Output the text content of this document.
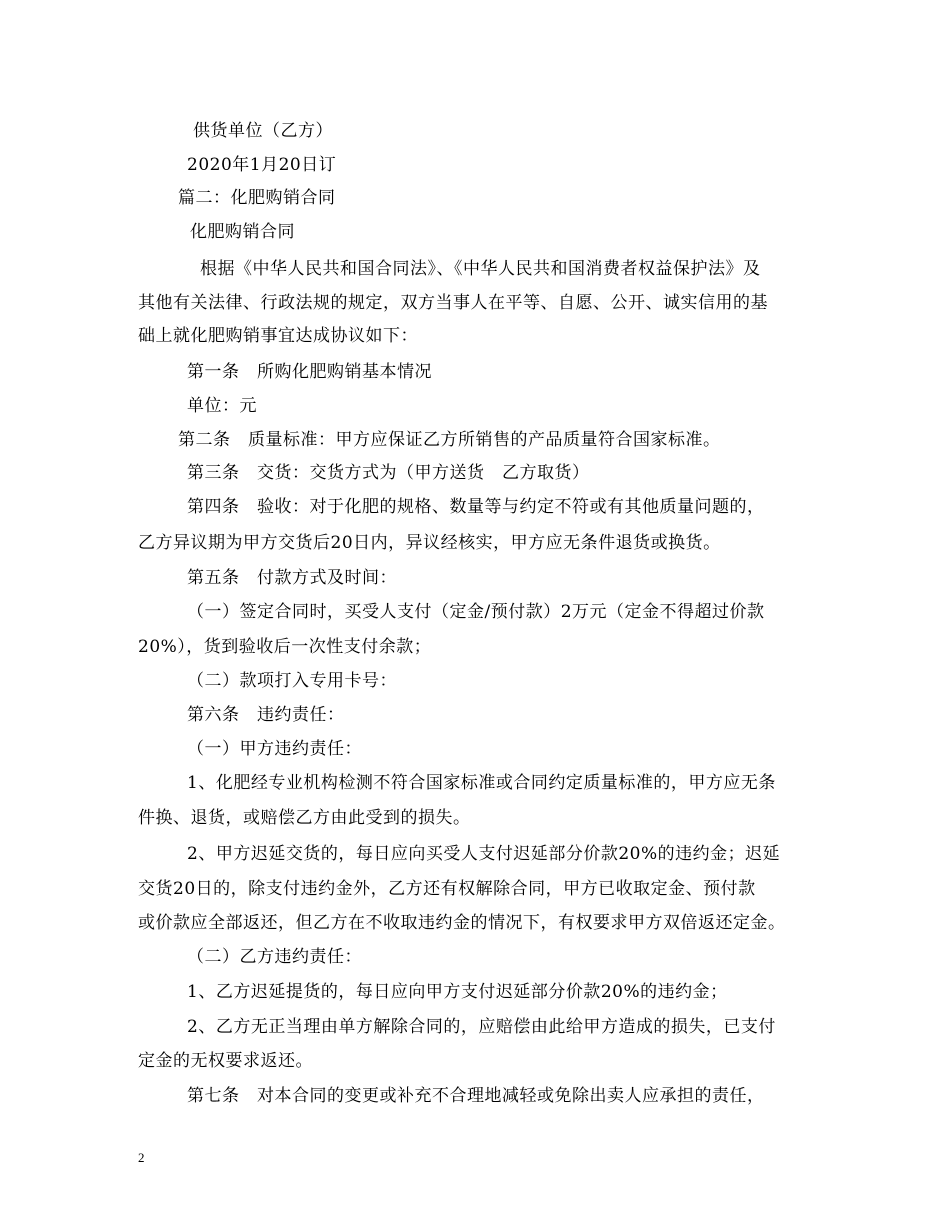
供货单位（乙方）
2020年1月20日订
篇二：化肥购销合同
化肥购销合同
根据《中华人民共和国合同法》、《中华人民共和国消费者权益保护法》及
其他有关法律、行政法规的规定，双方当事人在平等、自愿、公开、诚实信用的基
础上就化肥购销事宜达成协议如下：
第一条　所购化肥购销基本情况
单位：元
第二条　质量标准：甲方应保证乙方所销售的产品质量符合国家标准。
第三条　交货：交货方式为（甲方送货　乙方取货）
第四条　验收：对于化肥的规格、数量等与约定不符或有其他质量问题的，
乙方异议期为甲方交货后20日内，异议经核实，甲方应无条件退货或换货。
第五条　付款方式及时间：
（一）签定合同时，买受人支付（定金/预付款）2万元（定金不得超过价款
20%），货到验收后一次性支付余款；
（二）款项打入专用卡号：
第六条　违约责任：
（一）甲方违约责任：
1、化肥经专业机构检测不符合国家标准或合同约定质量标准的，甲方应无条
件换、退货，或赔偿乙方由此受到的损失。
2、甲方迟延交货的，每日应向买受人支付迟延部分价款20%的违约金；迟延
交货20日的，除支付违约金外，乙方还有权解除合同，甲方已收取定金、预付款
或价款应全部返还，但乙方在不收取违约金的情况下，有权要求甲方双倍返还定金。
（二）乙方违约责任：
1、乙方迟延提货的，每日应向甲方支付迟延部分价款20%的违约金；
2、乙方无正当理由单方解除合同的，应赔偿由此给甲方造成的损失，已支付
定金的无权要求返还。
第七条　对本合同的变更或补充不合理地减轻或免除出卖人应承担的责任，
2
